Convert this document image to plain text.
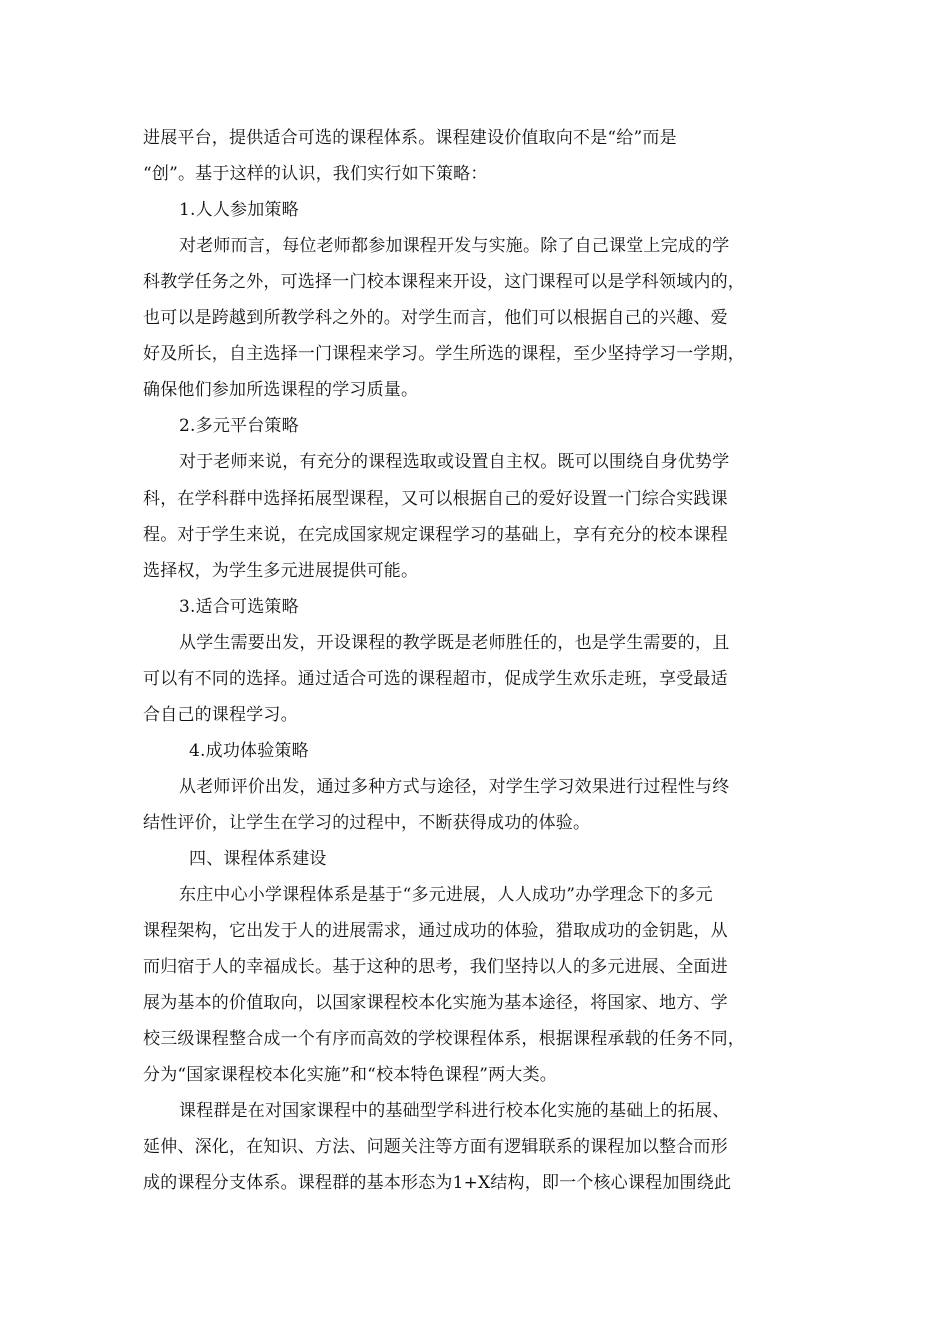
进展平台，提供适合可选的课程体系。课程建设价值取向不是“给”而是
“创”。基于这样的认识，我们实行如下策略：
1.人人参加策略
对老师而言，每位老师都参加课程开发与实施。除了自己课堂上完成的学
科教学任务之外，可选择一门校本课程来开设，这门课程可以是学科领域内的，
也可以是跨越到所教学科之外的。对学生而言，他们可以根据自己的兴趣、爱
好及所长，自主选择一门课程来学习。学生所选的课程，至少坚持学习一学期，
确保他们参加所选课程的学习质量。
2.多元平台策略
对于老师来说，有充分的课程选取或设置自主权。既可以围绕自身优势学
科，在学科群中选择拓展型课程，又可以根据自己的爱好设置一门综合实践课
程。对于学生来说，在完成国家规定课程学习的基础上，享有充分的校本课程
选择权，为学生多元进展提供可能。
3.适合可选策略
从学生需要出发，开设课程的教学既是老师胜任的，也是学生需要的，且
可以有不同的选择。通过适合可选的课程超市，促成学生欢乐走班，享受最适
合自己的课程学习。
4.成功体验策略
从老师评价出发，通过多种方式与途径，对学生学习效果进行过程性与终
结性评价，让学生在学习的过程中，不断获得成功的体验。
四、课程体系建设
东庄中心小学课程体系是基于“多元进展，人人成功”办学理念下的多元
课程架构，它出发于人的进展需求，通过成功的体验，猎取成功的金钥匙，从
而归宿于人的幸福成长。基于这种的思考，我们坚持以人的多元进展、全面进
展为基本的价值取向，以国家课程校本化实施为基本途径，将国家、地方、学
校三级课程整合成一个有序而高效的学校课程体系，根据课程承载的任务不同，
分为“国家课程校本化实施”和“校本特色课程”两大类。
课程群是在对国家课程中的基础型学科进行校本化实施的基础上的拓展、
延伸、深化，在知识、方法、问题关注等方面有逻辑联系的课程加以整合而形
成的课程分支体系。课程群的基本形态为1+X结构，即一个核心课程加围绕此
